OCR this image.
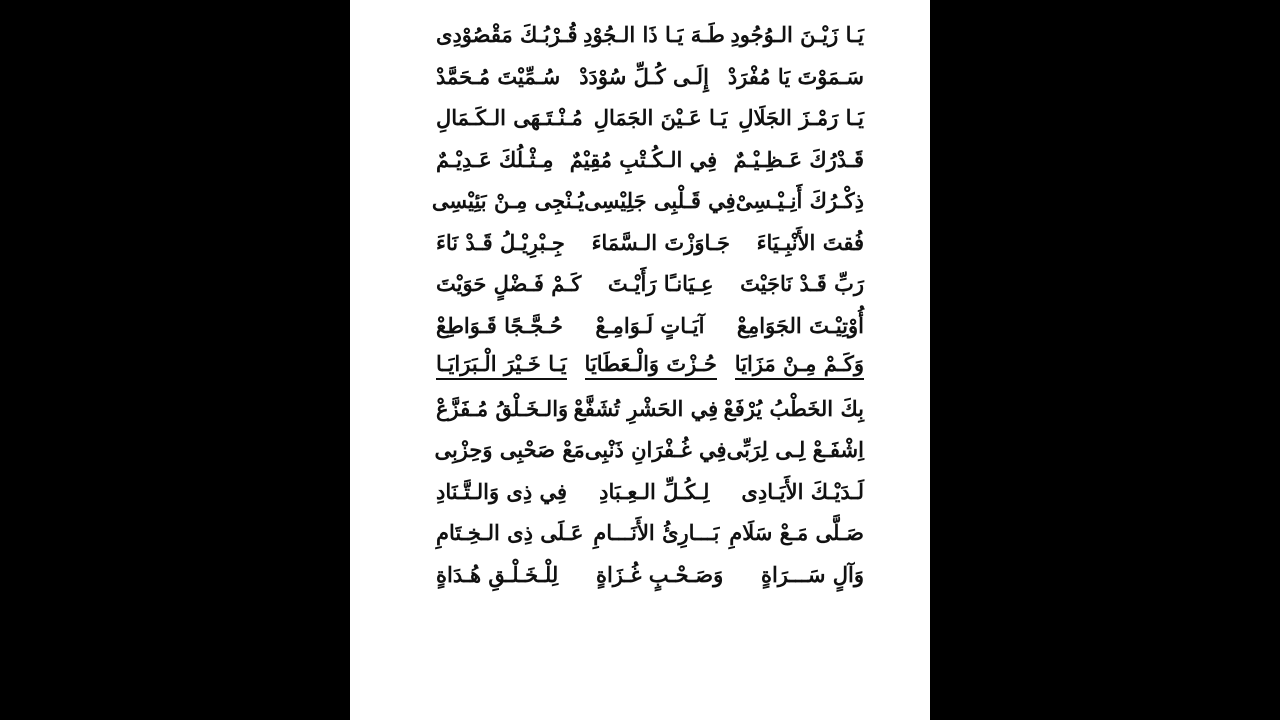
يَـا زَيْـنَ الـوُجُودِ
طَـهَ يَـا ذَا الـجُوْدِ
قُـرْبُـكَ مَقْصُوْدِى
سَـمَوْتَ يَا مُفْرَدْ
إِلَـى كُـلِّ سُوْدَدْ
سُـمِّيْتَ مُـحَمَّدْ
يَـا رَمْـزَ الجَلَالِ
يَـا عَـيْنَ الجَمَالِ
مُـنْـتَـهَى الـكَـمَالِ
قَـدْرُكَ عَـظِـيْـمٌ
فِي الـكُـتْبِ مُقِيْمٌ
مِـثْـلُكَ عَـدِيْـمٌ
ذِكْـرُكَ أَنِـيْـسِىْ
فِي قَـلْبِى جَلِيْسِى
يُـنْجِى مِـنْ بَئِيْسِى
فُقتَ الأَنْبِـيَاءَ
جَـاوَزْتَ الـسَّمَاءَ
جِـبْرِيْـلُ قَـدْ نَاءَ
رَبِّ قَـدْ نَاجَيْتَ
عِـيَانـًا رَأَيْـتَ
كَـمْ فَـضْلٍ حَوَيْتَ
أُوْتِيْـتَ الجَوَامِعْ
آيَـاتٍ لَـوَامِـعْ
حُـجَّـجًا قَـوَاطِعْ
وَكَـمْ مِـنْ مَزَايَا
حُـزْتَ وَالْـعَطَايَا
يَـا خَـيْرَ الْـبَرَايَـا
بِكَ الخَطْبُ يُرْفَعْ
فِي الحَشْرِ تُشَفَّعْ
وَالـخَـلْقُ مُـفَزَّعْ
اِشْفَـعْ لِـى لِرَبِّى
فِي غُـفْرَانِ ذَنْبِى
مَعْ صَحْبِى وَحِزْبِى
لَـدَيْـكَ الأَيَـادِى
لِـكُـلِّ الـعِـبَادِ
فِي ذِى وَالـتَّـنَادِ
صَـلَّى مَـعْ سَلَامِ
بَـــارِئُ الأَنَـــامِ
عَـلَى ذِى الـخِـتَامِ
وَآلٍ سَـــرَاةٍ
وَصَـحْـبٍ غُـزَاةٍ
لِلْـخَـلْـقِ هُـدَاةٍ
